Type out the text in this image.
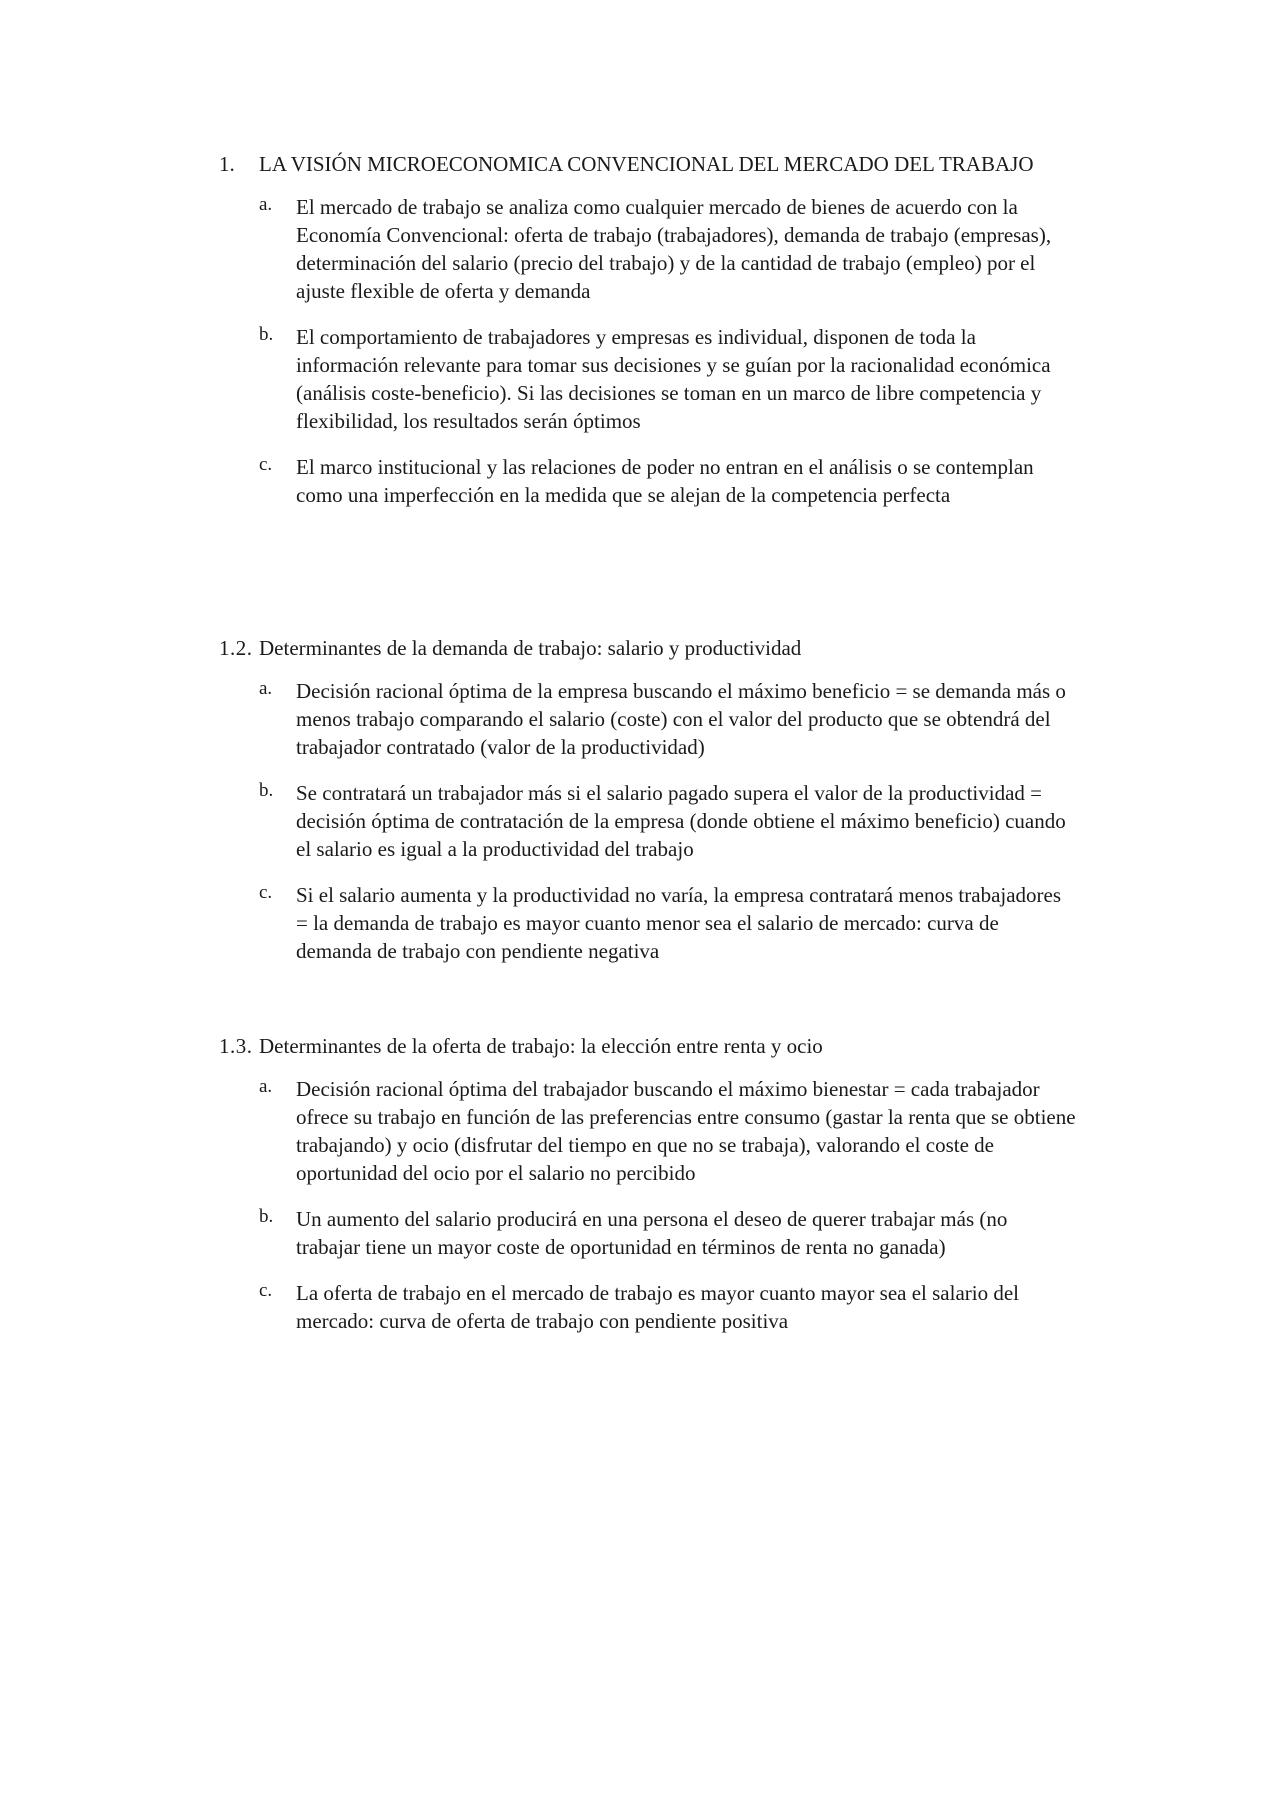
1. LA VISIÓN MICROECONOMICA CONVENCIONAL DEL MERCADO DEL TRABAJO
a. El mercado de trabajo se analiza como cualquier mercado de bienes de acuerdo con la Economía Convencional: oferta de trabajo (trabajadores), demanda de trabajo (empresas), determinación del salario (precio del trabajo) y de la cantidad de trabajo (empleo) por el ajuste flexible de oferta y demanda
b. El comportamiento de trabajadores y empresas es individual, disponen de toda la información relevante para tomar sus decisiones y se guían por la racionalidad económica (análisis coste-beneficio). Si las decisiones se toman en un marco de libre competencia y flexibilidad, los resultados serán óptimos
c. El marco institucional y las relaciones de poder no entran en el análisis o se contemplan como una imperfección en la medida que se alejan de la competencia perfecta
1.2. Determinantes de la demanda de trabajo: salario y productividad
a. Decisión racional óptima de la empresa buscando el máximo beneficio = se demanda más o menos trabajo comparando el salario (coste) con el valor del producto que se obtendrá del trabajador contratado (valor de la productividad)
b. Se contratará un trabajador más si el salario pagado supera el valor de la productividad = decisión óptima de contratación de la empresa (donde obtiene el máximo beneficio) cuando el salario es igual a la productividad del trabajo
c. Si el salario aumenta y la productividad no varía, la empresa contratará menos trabajadores = la demanda de trabajo es mayor cuanto menor sea el salario de mercado: curva de demanda de trabajo con pendiente negativa
1.3. Determinantes de la oferta de trabajo: la elección entre renta y ocio
a. Decisión racional óptima del trabajador buscando el máximo bienestar = cada trabajador ofrece su trabajo en función de las preferencias entre consumo (gastar la renta que se obtiene trabajando) y ocio (disfrutar del tiempo en que no se trabaja), valorando el coste de oportunidad del ocio por el salario no percibido
b. Un aumento del salario producirá en una persona el deseo de querer trabajar más (no trabajar tiene un mayor coste de oportunidad en términos de renta no ganada)
c. La oferta de trabajo en el mercado de trabajo es mayor cuanto mayor sea el salario del mercado: curva de oferta de trabajo con pendiente positiva
